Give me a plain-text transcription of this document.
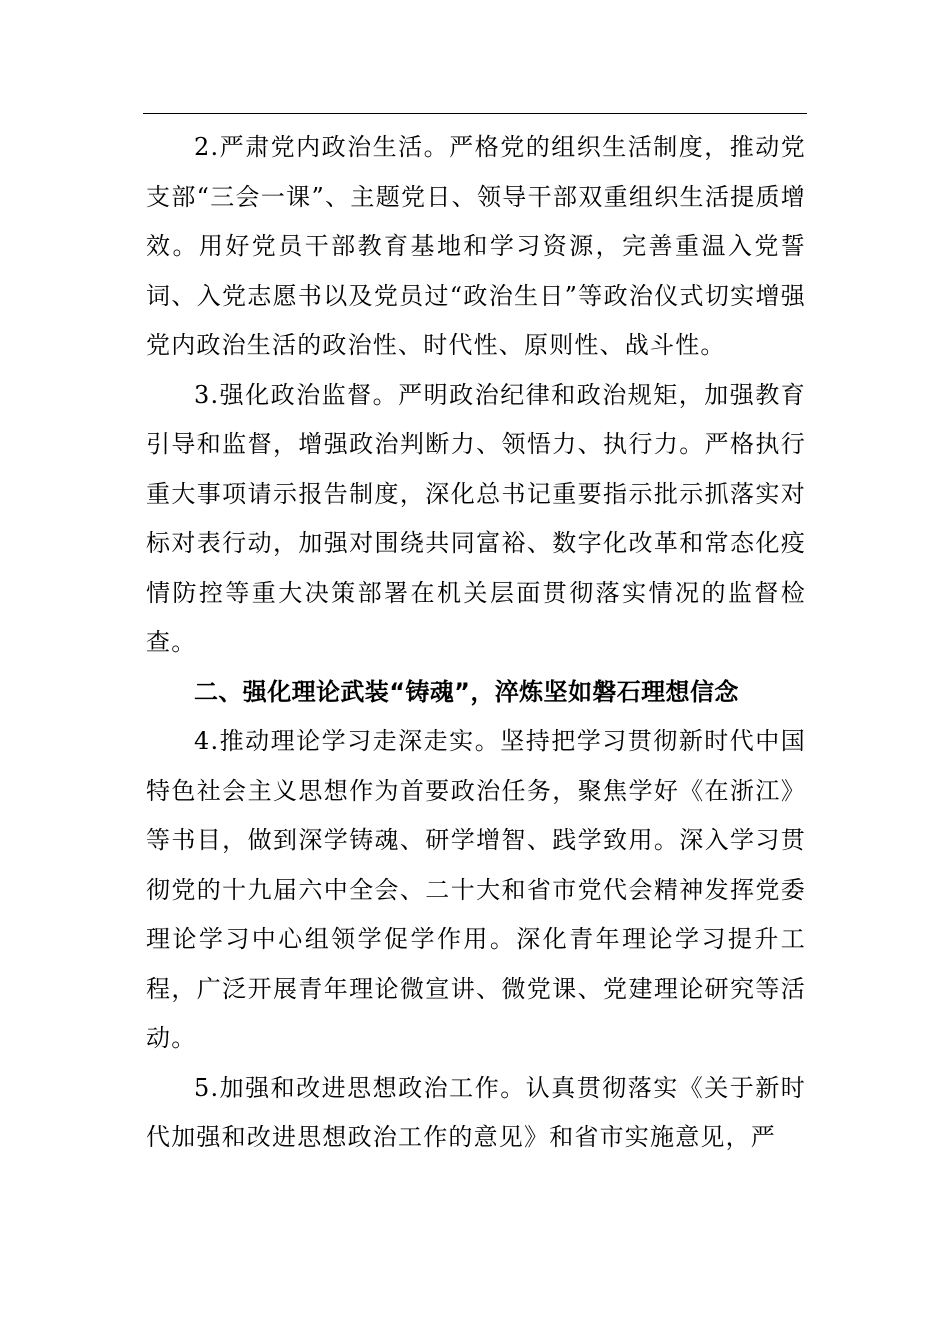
2.严肃党内政治生活。严格党的组织生活制度，推动党支部“三会一课”、主题党日、领导干部双重组织生活提质增效。用好党员干部教育基地和学习资源，完善重温入党誓词、入党志愿书以及党员过“政治生日”等政治仪式切实增强党内政治生活的政治性、时代性、原则性、战斗性。

3.强化政治监督。严明政治纪律和政治规矩，加强教育引导和监督，增强政治判断力、领悟力、执行力。严格执行重大事项请示报告制度，深化总书记重要指示批示抓落实对标对表行动，加强对围绕共同富裕、数字化改革和常态化疫情防控等重大决策部署在机关层面贯彻落实情况的监督检查。

二、强化理论武装“铸魂”，淬炼坚如磐石理想信念

4.推动理论学习走深走实。坚持把学习贯彻新时代中国特色社会主义思想作为首要政治任务，聚焦学好《在浙江》等书目，做到深学铸魂、研学增智、践学致用。深入学习贯彻党的十九届六中全会、二十大和省市党代会精神发挥党委理论学习中心组领学促学作用。深化青年理论学习提升工程，广泛开展青年理论微宣讲、微党课、党建理论研究等活动。

5.加强和改进思想政治工作。认真贯彻落实《关于新时代加强和改进思想政治工作的意见》和省市实施意见，严
